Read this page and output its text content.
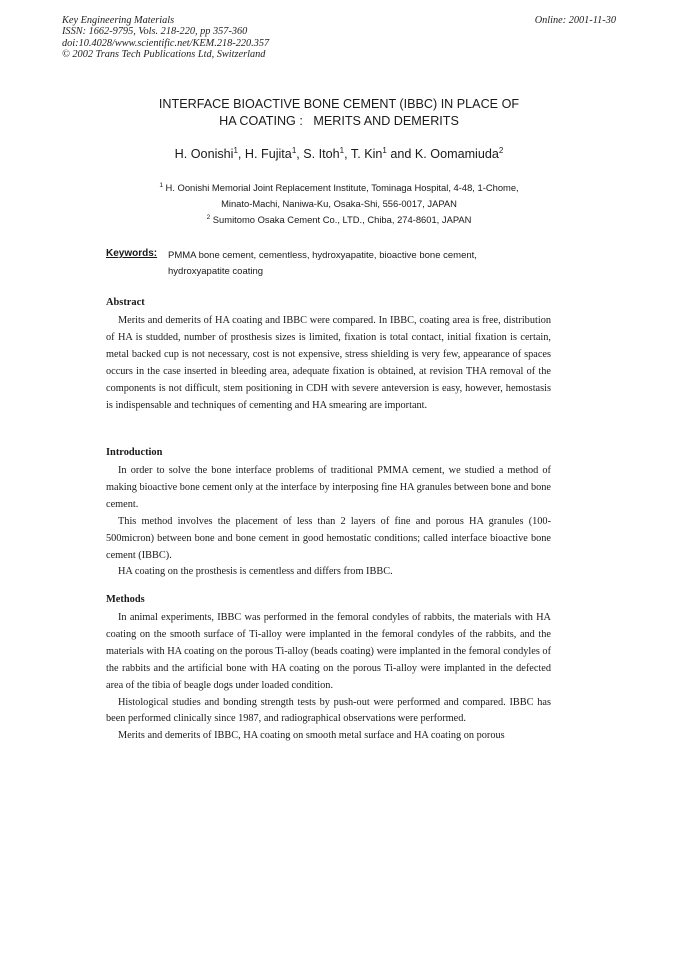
Key Engineering Materials
ISSN: 1662-9795, Vols. 218-220, pp 357-360
doi:10.4028/www.scientific.net/KEM.218-220.357
© 2002 Trans Tech Publications Ltd, Switzerland
Online: 2001-11-30
INTERFACE BIOACTIVE BONE CEMENT (IBBC) IN PLACE OF
HA COATING :   MERITS AND DEMERITS
H. Oonishi$^1$, H. Fujita$^1$, S. Itoh$^1$, T. Kin$^1$ and K. Oomamiuda$^2$
$^1$ H. Oonishi Memorial Joint Replacement Institute, Tominaga Hospital, 4-48, 1-Chome,
Minato-Machi, Naniwa-Ku, Osaka-Shi, 556-0017, JAPAN
$^2$ Sumitomo Osaka Cement Co., LTD., Chiba, 274-8601, JAPAN
Keywords: PMMA bone cement, cementless, hydroxyapatite, bioactive bone cement, hydroxyapatite coating
Abstract

Merits and demerits of HA coating and IBBC were compared. In IBBC, coating area is free, distribution of HA is studded, number of prosthesis sizes is limited, fixation is total contact, initial fixation is certain, metal backed cup is not necessary, cost is not expensive, stress shielding is very few, appearance of spaces occurs in the case inserted in bleeding area, adequate fixation is obtained, at revision THA removal of the components is not difficult, stem positioning in CDH with severe anteversion is easy, however, hemostasis is indispensable and techniques of cementing and HA smearing are important.

Introduction

In order to solve the bone interface problems of traditional PMMA cement, we studied a method of making bioactive bone cement only at the interface by interposing fine HA granules between bone and bone cement.

This method involves the placement of less than 2 layers of fine and porous HA granules (100-500micron) between bone and bone cement in good hemostatic conditions; called interface bioactive bone cement (IBBC).

HA coating on the prosthesis is cementless and differs from IBBC.

Methods

In animal experiments, IBBC was performed in the femoral condyles of rabbits, the materials with HA coating on the smooth surface of Ti-alloy were implanted in the femoral condyles of the rabbits, and the materials with HA coating on the porous Ti-alloy (beads coating) were implanted in the femoral condyles of the rabbits and the artificial bone with HA coating on the porous Ti-alloy were implanted in the defected area of the tibia of beagle dogs under loaded condition.

Histological studies and bonding strength tests by push-out were performed and compared. IBBC has been performed clinically since 1987, and radiographical observations were performed.

Merits and demerits of IBBC, HA coating on smooth metal surface and HA coating on porous
